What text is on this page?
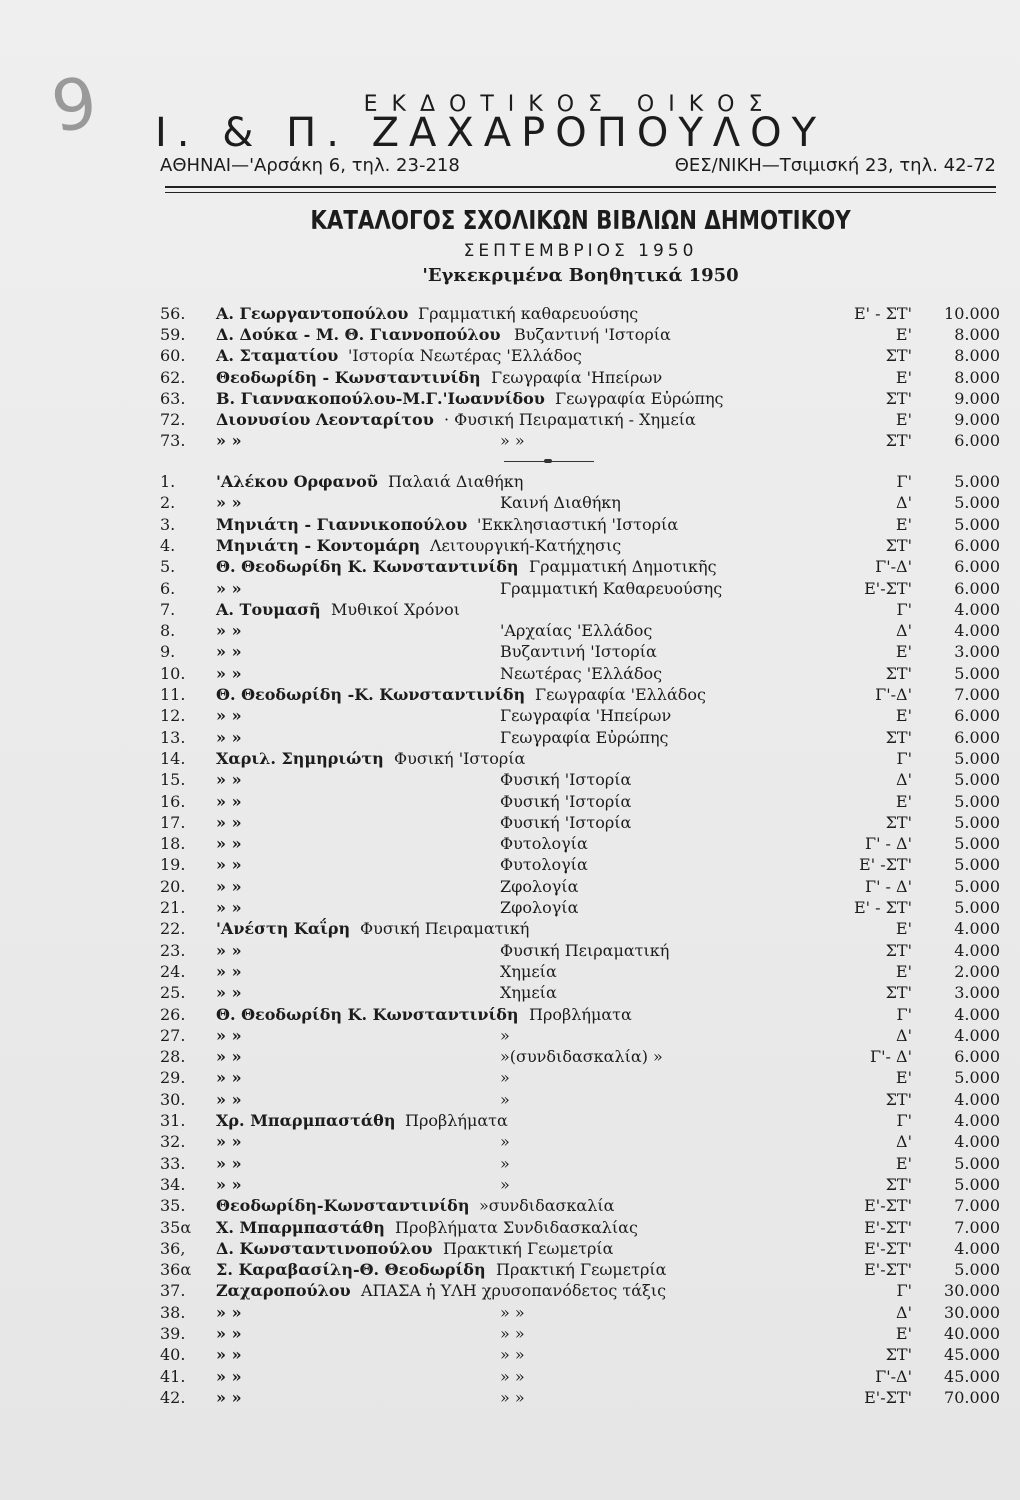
9	ΕΚΔΟΤΙΚΟΣ ΟΙΚΟΣ
Ι. & Π. ΖΑΧΑΡΟΠΟΥΛΟΥ
ΑΘΗΝΑΙ—'Αρσάκη 6, τηλ. 23-218	ΘΕΣ/ΝΙΚΗ—Τσιμισκή 23, τηλ. 42-72
ΚΑΤΑΛΟΓΟΣ ΣΧΟΛΙΚΩΝ ΒΙΒΛΙΩΝ ΔΗΜΟΤΙΚΟΥ
ΣΕΠΤΕΜΒΡΙΟΣ 1950
'Εγκεκριμένα Βοηθητικά 1950
56.	Α. Γεωργαντοπούλου Γραμματική καθαρευούσης	Ε' - ΣΤ'	10.000
59.	Δ. Δούκα - Μ. Θ. Γιαννοπούλου Βυζαντινή 'Ιστορία	Ε'	8.000
60.	Α. Σταματίου 'Ιστορία Νεωτέρας 'Ελλάδος	ΣΤ'	8.000
62.	Θεοδωρίδη - Κωνσταντινίδη Γεωγραφία 'Ηπείρων	Ε'	8.000
63.	Β. Γιαννακοπούλου-Μ.Γ.'Ιωαννίδου Γεωγραφία Εὐρώπης	ΣΤ'	9.000
72.	Διονυσίου Λεονταρίτου · Φυσική Πειραματική - Χημεία	Ε'	9.000
73.	» »	» »	ΣΤ'	6.000
1.	'Αλέκου Ορφανοῦ Παλαιά Διαθήκη	Γ'	5.000
2.	» »	Καινή Διαθήκη	Δ'	5.000
3.	Μηνιάτη - Γιαννικοπούλου 'Εκκλησιαστική 'Ιστορία	Ε'	5.000
4.	Μηνιάτη - Κοντομάρη Λειτουργική-Κατήχησις	ΣΤ'	6.000
5.	Θ. Θεοδωρίδη Κ. Κωνσταντινίδη Γραμματική Δημοτικῆς	Γ'-Δ'	6.000
6.	» »	Γραμματική Καθαρευούσης	Ε'-ΣΤ'	6.000
7.	Α. Τουμασῆ Μυθικοί Χρόνοι	Γ'	4.000
8.	» »	'Αρχαίας 'Ελλάδος	Δ'	4.000
9.	» »	Βυζαντινή 'Ιστορία	Ε'	3.000
10.	» »	Νεωτέρας 'Ελλάδος	ΣΤ'	5.000
11.	Θ. Θεοδωρίδη -Κ. Κωνσταντινίδη Γεωγραφία 'Ελλάδος	Γ'-Δ'	7.000
12.	» »	Γεωγραφία 'Ηπείρων	Ε'	6.000
13.	» »	Γεωγραφία Εὐρώπης	ΣΤ'	6.000
14.	Χαριλ. Σημηριώτη Φυσική 'Ιστορία	Γ'	5.000
15.	» »	Φυσική 'Ιστορία	Δ'	5.000
16.	» »	Φυσική 'Ιστορία	Ε'	5.000
17.	» »	Φυσική 'Ιστορία	ΣΤ'	5.000
18.	» »	Φυτολογία	Γ' - Δ'	5.000
19.	» »	Φυτολογία	Ε' -ΣΤ'	5.000
20.	» »	Ζφολογία	Γ' - Δ'	5.000
21.	» »	Ζφολογία	Ε' - ΣΤ'	5.000
22.	'Ανέστη Καΐρη Φυσική Πειραματική	Ε'	4.000
23.	» »	Φυσική Πειραματική	ΣΤ'	4.000
24.	» »	Χημεία	Ε'	2.000
25.	» »	Χημεία	ΣΤ'	3.000
26.	Θ. Θεοδωρίδη Κ. Κωνσταντινίδη Προβλήματα	Γ'	4.000
27.	» »	»	Δ'	4.000
28.	» »	»(συνδιδασκαλία) »	Γ'- Δ'	6.000
29.	» »	»	Ε'	5.000
30.	» »	»	ΣΤ'	4.000
31.	Χρ. Μπαρμπαστάθη Προβλήματα	Γ'	4.000
32.	» »	»	Δ'	4.000
33.	» »	»	Ε'	5.000
34.	» »	»	ΣΤ'	5.000
35.	Θεοδωρίδη-Κωνσταντινίδη »συνδιδασκαλία	Ε'-ΣΤ'	7.000
35α	Χ. Μπαρμπαστάθη Προβλήματα Συνδιδασκαλίας	Ε'-ΣΤ'	7.000
36,	Δ. Κωνσταντινοπούλου Πρακτική Γεωμετρία	Ε'-ΣΤ'	4.000
36α	Σ. Καραβασίλη-Θ. Θεοδωρίδη Πρακτική Γεωμετρία	Ε'-ΣΤ'	5.000
37.	Ζαχαροπούλου ΑΠΑΣΑ ἡ ΥΛΗ χρυσοπανόδετος τάξις	Γ'	30.000
38.	» »	» »	Δ'	30.000
39.	» »	» »	Ε'	40.000
40.	» »	» »	ΣΤ'	45.000
41.	» »	» »	Γ'-Δ'	45.000
42.	» »	» »	Ε'-ΣΤ'	70.000
